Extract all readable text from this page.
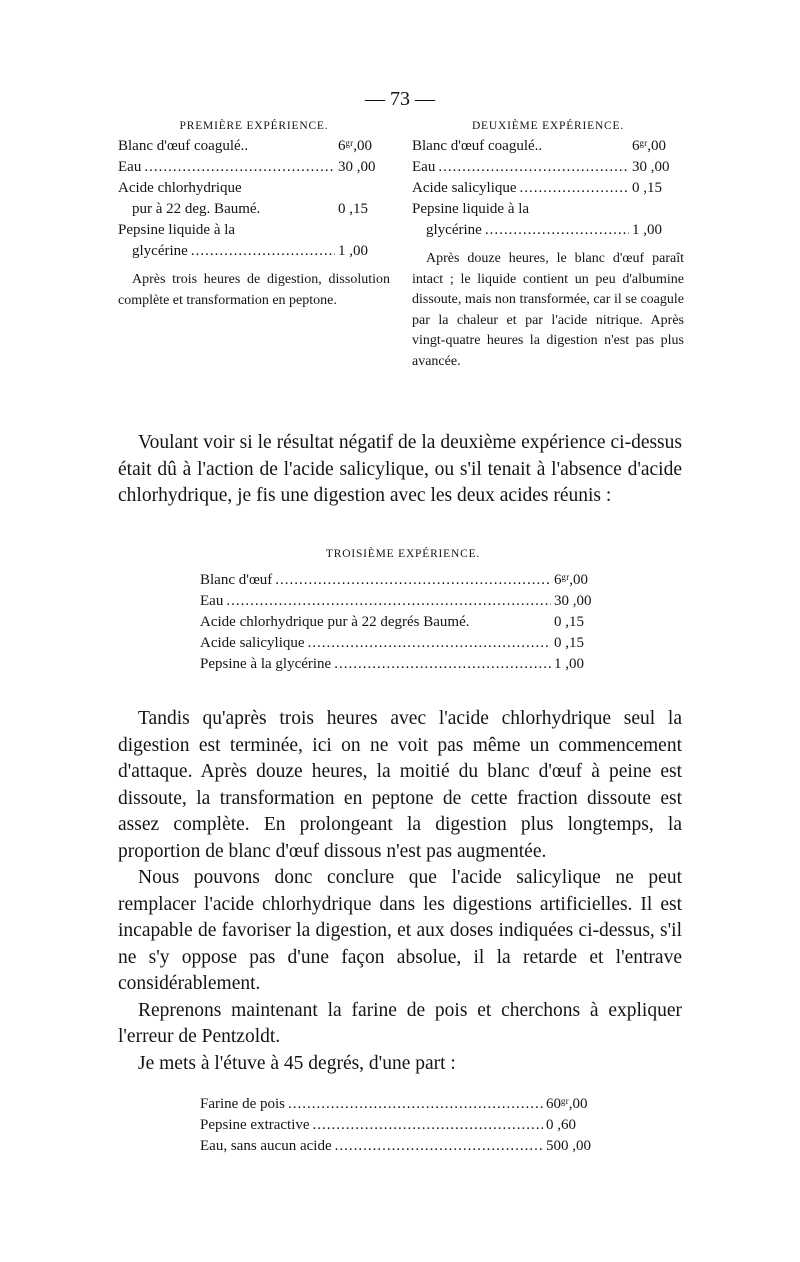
— 73 —
PREMIÈRE EXPÉRIENCE.
Blanc d'œuf coagulé..	6ᵍʳ,00
Eau .....	30 ,00
Acide chlorhydrique
pur à 22 deg. Baumé.	0 ,15
Pepsine liquide à la
glycérine .....	1 ,00
Après trois heures de digestion, dissolution complète et transformation en peptone.
DEUXIÈME EXPÉRIENCE.
Blanc d'œuf coagulé..	6ᵍʳ,00
Eau .....	30 ,00
Acide salicylique .....	0 ,15
Pepsine liquide à la
glycérine .....	1 ,00
Après douze heures, le blanc d'œuf paraît intact ; le liquide contient un peu d'albumine dissoute, mais non transformée, car il se coagule par la chaleur et par l'acide nitrique. Après vingt-quatre heures la digestion n'est pas plus avancée.

Voulant voir si le résultat négatif de la deuxième expérience ci-dessus était dû à l'action de l'acide salicylique, ou s'il tenait à l'absence d'acide chlorhydrique, je fis une digestion avec les deux acides réunis :

TROISIÈME EXPÉRIENCE.
Blanc d'œuf .....	6ᵍʳ,00
Eau .....	30 ,00
Acide chlorhydrique pur à 22 degrés Baumé.	0 ,15
Acide salicylique .....	0 ,15
Pepsine à la glycérine .....	1 ,00

Tandis qu'après trois heures avec l'acide chlorhydrique seul la digestion est terminée, ici on ne voit pas même un commencement d'attaque. Après douze heures, la moitié du blanc d'œuf à peine est dissoute, la transformation en peptone de cette fraction dissoute est assez complète. En prolongeant la digestion plus longtemps, la proportion de blanc d'œuf dissous n'est pas augmentée.

Nous pouvons donc conclure que l'acide salicylique ne peut remplacer l'acide chlorhydrique dans les digestions artificielles. Il est incapable de favoriser la digestion, et aux doses indiquées ci-dessus, s'il ne s'y oppose pas d'une façon absolue, il la retarde et l'entrave considérablement.

Reprenons maintenant la farine de pois et cherchons à expliquer l'erreur de Pentzoldt.

Je mets à l'étuve à 45 degrés, d'une part :

Farine de pois .....	60ᵍʳ,00
Pepsine extractive .....	0 ,60
Eau, sans aucun acide .....	500 ,00
